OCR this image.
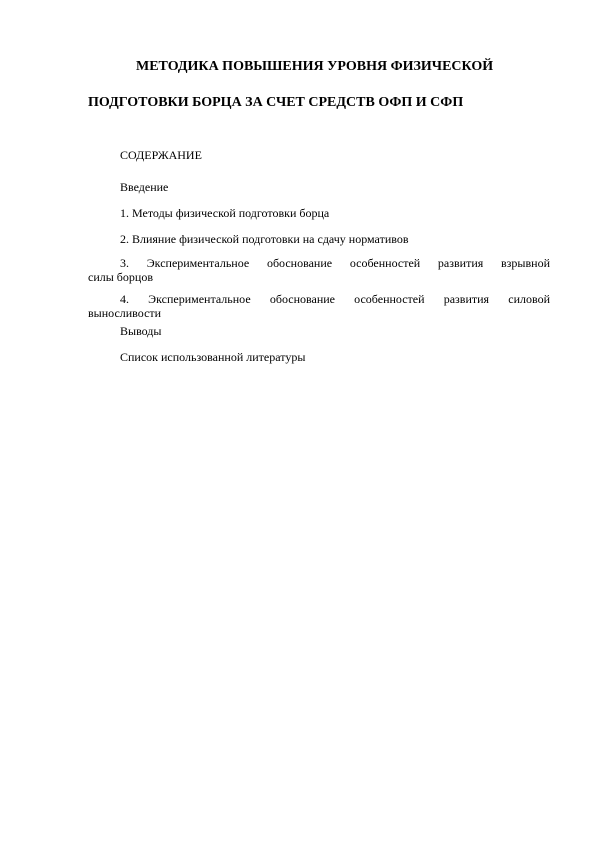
МЕТОДИКА ПОВЫШЕНИЯ УРОВНЯ ФИЗИЧЕСКОЙ
ПОДГОТОВКИ БОРЦА ЗА СЧЕТ СРЕДСТВ ОФП И СФП
СОДЕРЖАНИЕ
Введение
1. Методы физической подготовки борца
2. Влияние физической подготовки на сдачу нормативов
3. Экспериментальное обоснование особенностей развития взрывной
силы борцов
4. Экспериментальное обоснование особенностей развития силовой
выносливости
Выводы
Список использованной литературы
